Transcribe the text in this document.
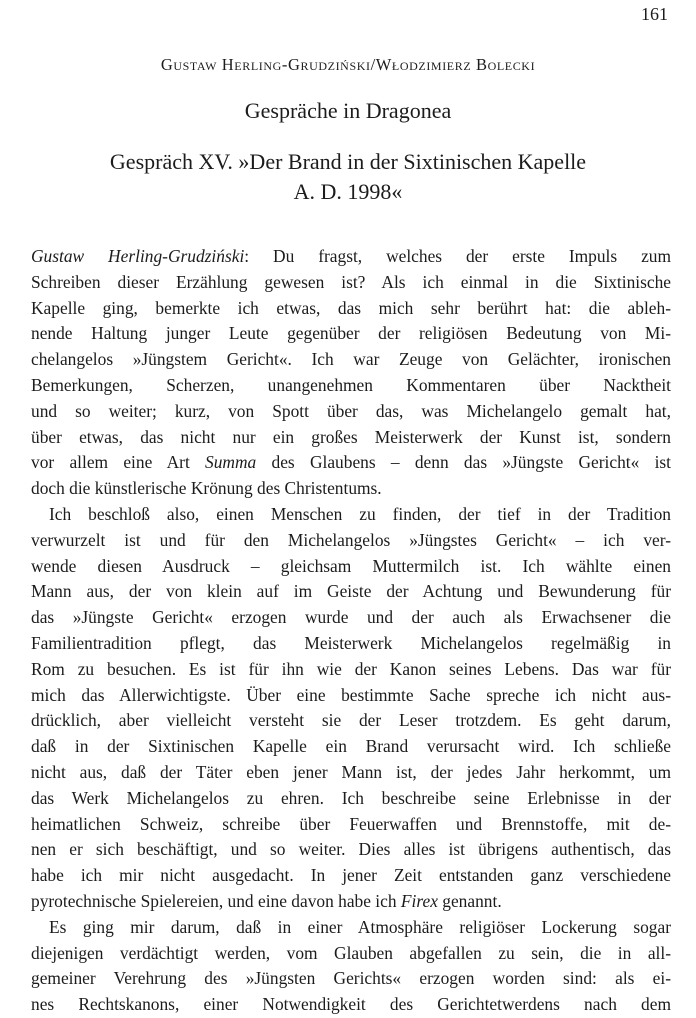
161
Gustaw Herling-Grudziński/Włodzimierz Bolecki
Gespräche in Dragonea
Gespräch XV. »Der Brand in der Sixtinischen Kapelle
A. D. 1998«
Gustaw Herling-Grudziński: Du fragst, welches der erste Impuls zum
Schreiben dieser Erzählung gewesen ist? Als ich einmal in die Sixtinische
Kapelle ging, bemerkte ich etwas, das mich sehr berührt hat: die ableh-
nende Haltung junger Leute gegenüber der religiösen Bedeutung von Mi-
chelangelos »Jüngstem Gericht«. Ich war Zeuge von Gelächter, ironischen
Bemerkungen, Scherzen, unangenehmen Kommentaren über Nacktheit
und so weiter; kurz, von Spott über das, was Michelangelo gemalt hat,
über etwas, das nicht nur ein großes Meisterwerk der Kunst ist, sondern
vor allem eine Art Summa des Glaubens – denn das »Jüngste Gericht« ist
doch die künstlerische Krönung des Christentums.
Ich beschloß also, einen Menschen zu finden, der tief in der Tradition
verwurzelt ist und für den Michelangelos »Jüngstes Gericht« – ich ver-
wende diesen Ausdruck – gleichsam Muttermilch ist. Ich wählte einen
Mann aus, der von klein auf im Geiste der Achtung und Bewunderung für
das »Jüngste Gericht« erzogen wurde und der auch als Erwachsener die
Familientradition pflegt, das Meisterwerk Michelangelos regelmäßig in
Rom zu besuchen. Es ist für ihn wie der Kanon seines Lebens. Das war für
mich das Allerwichtigste. Über eine bestimmte Sache spreche ich nicht aus-
drücklich, aber vielleicht versteht sie der Leser trotzdem. Es geht darum,
daß in der Sixtinischen Kapelle ein Brand verursacht wird. Ich schließe
nicht aus, daß der Täter eben jener Mann ist, der jedes Jahr herkommt, um
das Werk Michelangelos zu ehren. Ich beschreibe seine Erlebnisse in der
heimatlichen Schweiz, schreibe über Feuerwaffen und Brennstoffe, mit de-
nen er sich beschäftigt, und so weiter. Dies alles ist übrigens authentisch, das
habe ich mir nicht ausgedacht. In jener Zeit entstanden ganz verschiedene
pyrotechnische Spielereien, und eine davon habe ich Firex genannt.
Es ging mir darum, daß in einer Atmosphäre religiöser Lockerung sogar
diejenigen verdächtigt werden, vom Glauben abgefallen zu sein, die in all-
gemeiner Verehrung des »Jüngsten Gerichts« erzogen worden sind: als ei-
nes Rechtskanons, einer Notwendigkeit des Gerichtetwerdens nach dem
